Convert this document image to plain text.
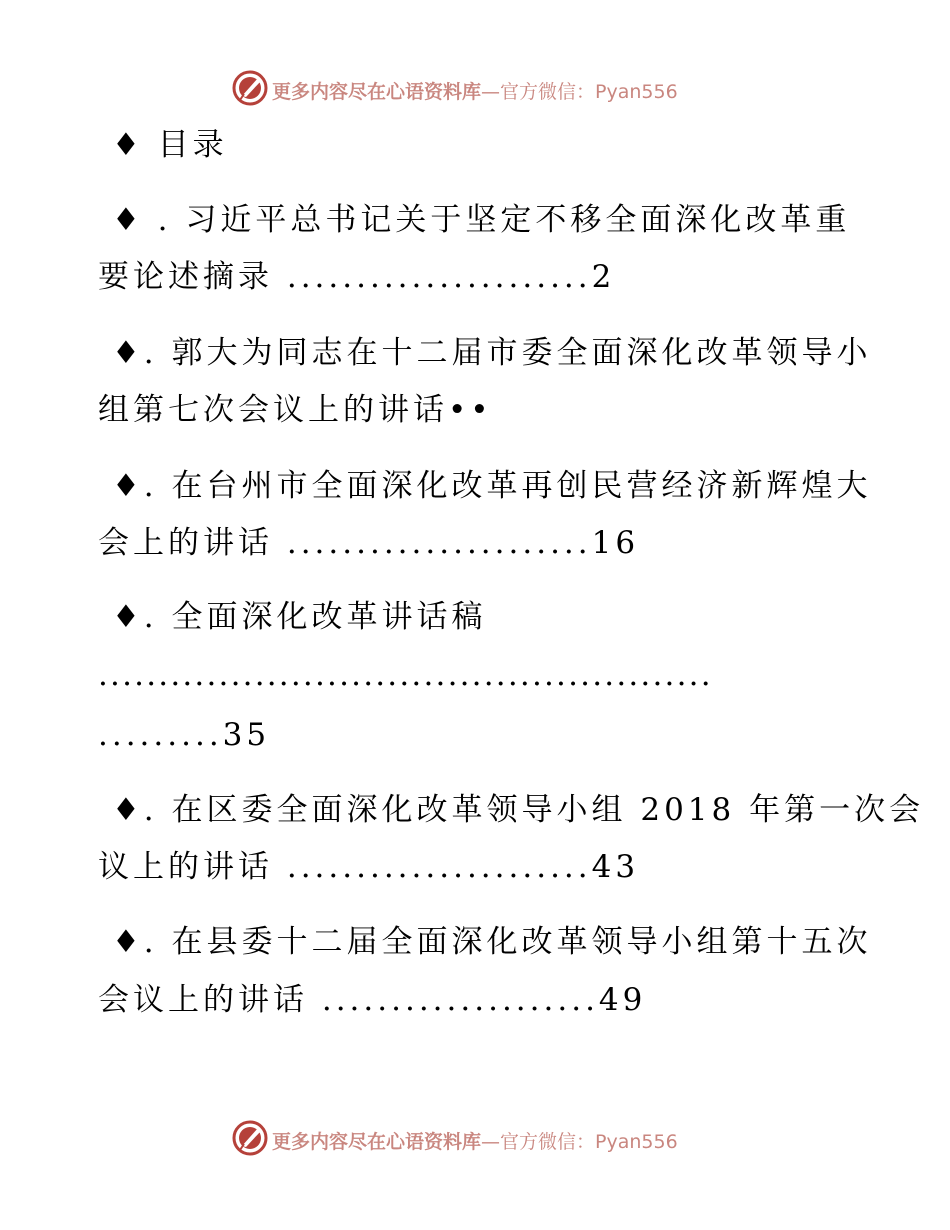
更多内容尽在心语资料库—官方微信：Pyan556
♦ 目录
♦ . 习近平总书记关于坚定不移全面深化改革重
要论述摘录 ......................2
♦. 郭大为同志在十二届市委全面深化改革领导小
组第七次会议上的讲话••
♦. 在台州市全面深化改革再创民营经济新辉煌大
会上的讲话 ......................16
♦. 全面深化改革讲话稿
...................................................
.........35
♦. 在区委全面深化改革领导小组 2018 年第一次会
议上的讲话 ......................43
♦. 在县委十二届全面深化改革领导小组第十五次
会议上的讲话 ....................49
更多内容尽在心语资料库—官方微信：Pyan556
